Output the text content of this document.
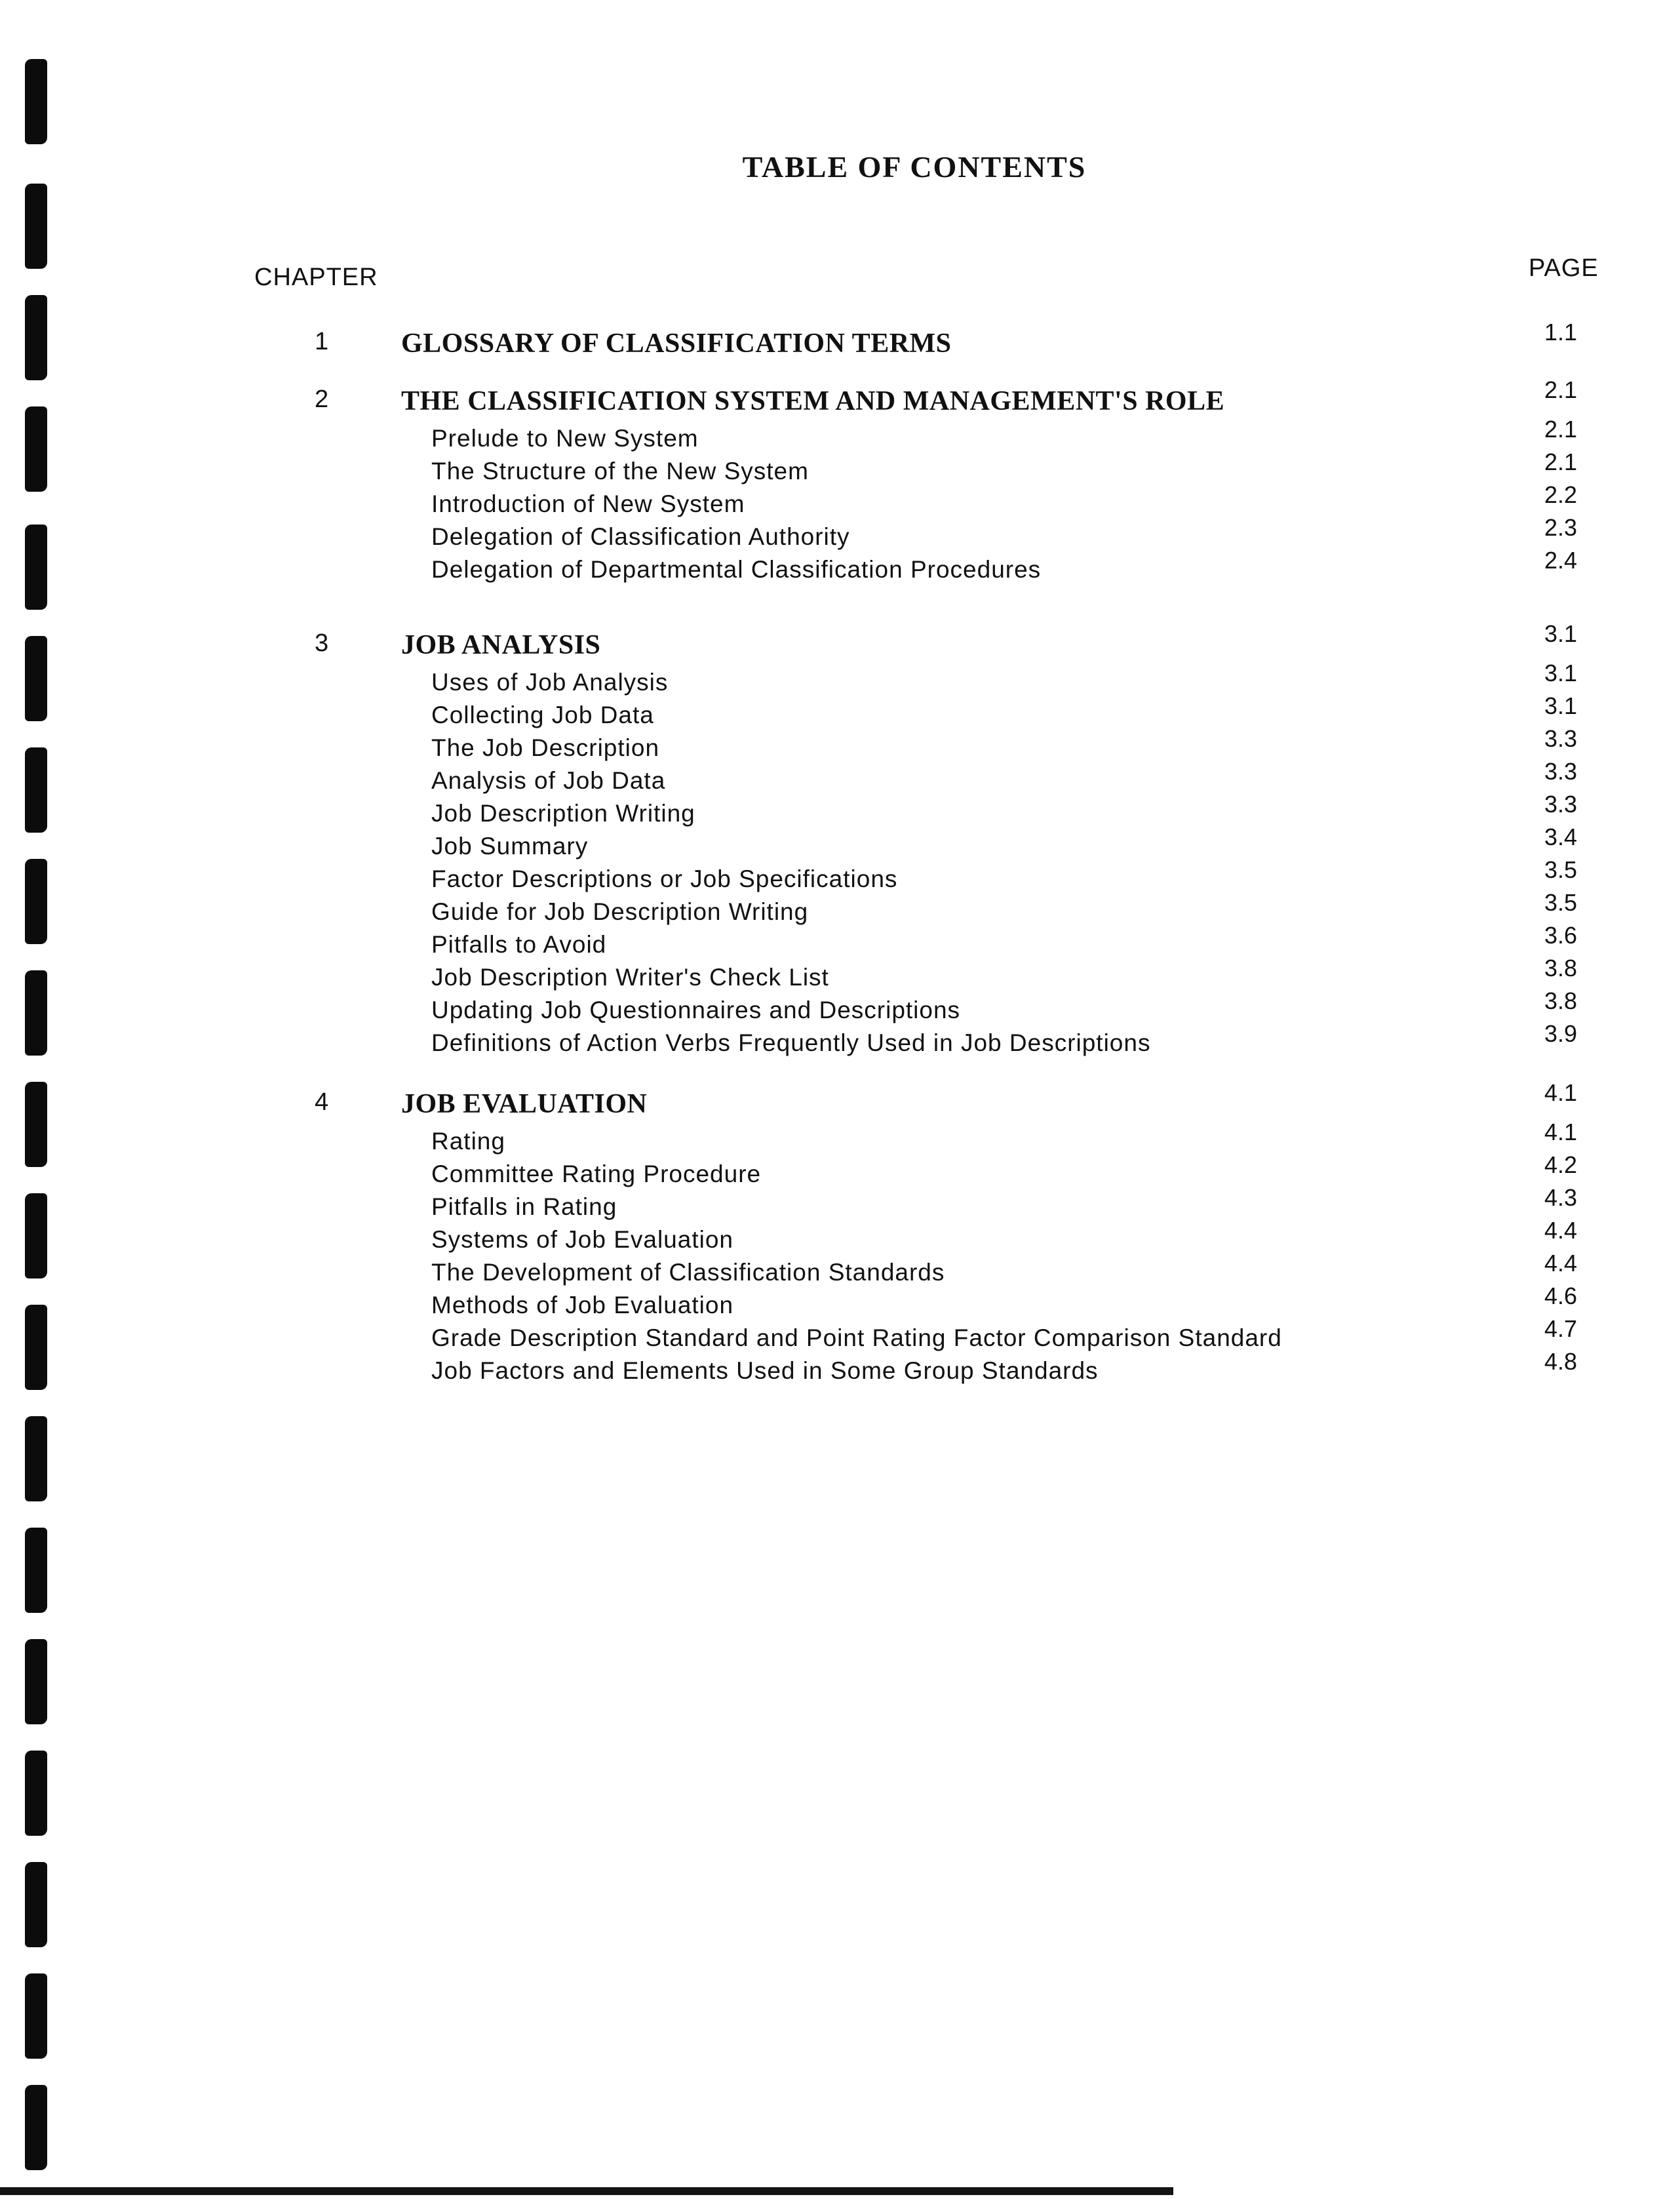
TABLE OF CONTENTS
CHAPTER	PAGE
1	GLOSSARY OF CLASSIFICATION TERMS	1.1
2	THE CLASSIFICATION SYSTEM AND MANAGEMENT'S ROLE	2.1
Prelude to New System	2.1
The Structure of the New System	2.1
Introduction of New System	2.2
Delegation of Classification Authority	2.3
Delegation of Departmental Classification Procedures	2.4
3	JOB ANALYSIS	3.1
Uses of Job Analysis	3.1
Collecting Job Data	3.1
The Job Description	3.3
Analysis of Job Data	3.3
Job Description Writing	3.3
Job Summary	3.4
Factor Descriptions or Job Specifications	3.5
Guide for Job Description Writing	3.5
Pitfalls to Avoid	3.6
Job Description Writer's Check List	3.8
Updating Job Questionnaires and Descriptions	3.8
Definitions of Action Verbs Frequently Used in Job Descriptions	3.9
4	JOB EVALUATION	4.1
Rating	4.1
Committee Rating Procedure	4.2
Pitfalls in Rating	4.3
Systems of Job Evaluation	4.4
The Development of Classification Standards	4.4
Methods of Job Evaluation	4.6
Grade Description Standard and Point Rating Factor Comparison Standard	4.7
Job Factors and Elements Used in Some Group Standards	4.8
